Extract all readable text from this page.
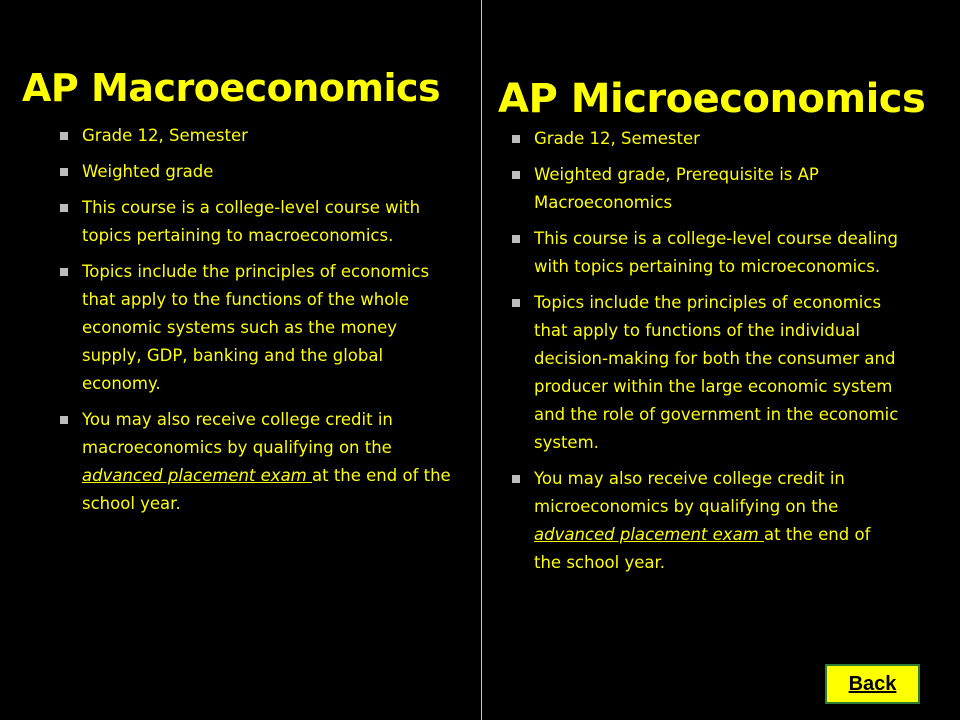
AP Macroeconomics
Grade 12, Semester
Weighted grade
This course is a college-level course with topics pertaining to macroeconomics.
Topics include the principles of economics that apply to the functions of the whole economic systems such as the money supply, GDP, banking and the global economy.
You may also receive college credit in macroeconomics by qualifying on the advanced placement exam at the end of the school year.
AP Microeconomics
Grade 12, Semester
Weighted grade, Prerequisite is AP Macroeconomics
This course is a college-level course dealing with topics pertaining to microeconomics.
Topics include the principles of economics that apply to functions of the individual decision-making for both the consumer and producer within the large economic system and the role of government in the economic system.
You may also receive college credit in microeconomics by qualifying on the advanced placement exam at the end of the school year.
Back
